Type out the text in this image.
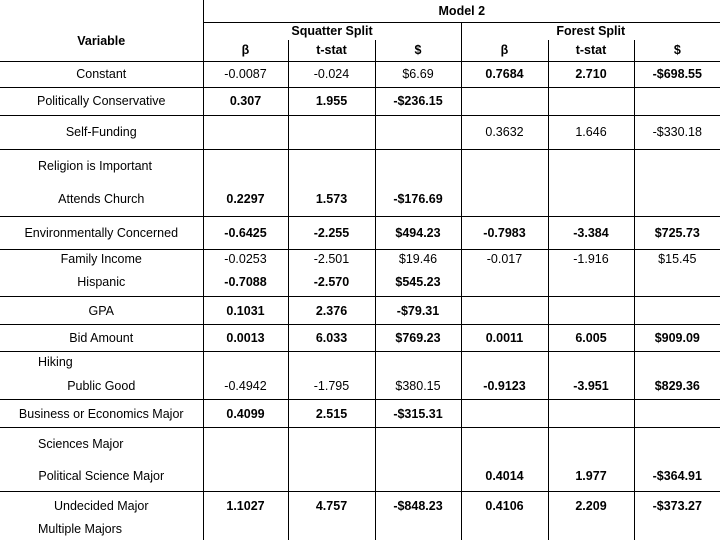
	Model 2					
Variable	Squatter Split			Forest Split		
	β	t-stat	$	β	t-stat	$
Constant	-0.0087	-0.024	$6.69	0.7684	2.710	-$698.55
Politically Conservative	0.307	1.955	-$236.15			
Self-Funding				0.3632	1.646	-$330.18
Religion is Important						
Attends Church	0.2297	1.573	-$176.69			
Environmentally Concerned	-0.6425	-2.255	$494.23	-0.7983	-3.384	$725.73
Family Income	-0.0253	-2.501	$19.46	-0.017	-1.916	$15.45
Hispanic	-0.7088	-2.570	$545.23			
GPA	0.1031	2.376	-$79.31			
Bid Amount	0.0013	6.033	$769.23	0.0011	6.005	$909.09
Hiking						
Public Good	-0.4942	-1.795	$380.15	-0.9123	-3.951	$829.36
Business or Economics Major	0.4099	2.515	-$315.31			
Sciences Major						
Political Science Major				0.4014	1.977	-$364.91
Undecided Major	1.1027	4.757	-$848.23	0.4106	2.209	-$373.27
Multiple Majors						
